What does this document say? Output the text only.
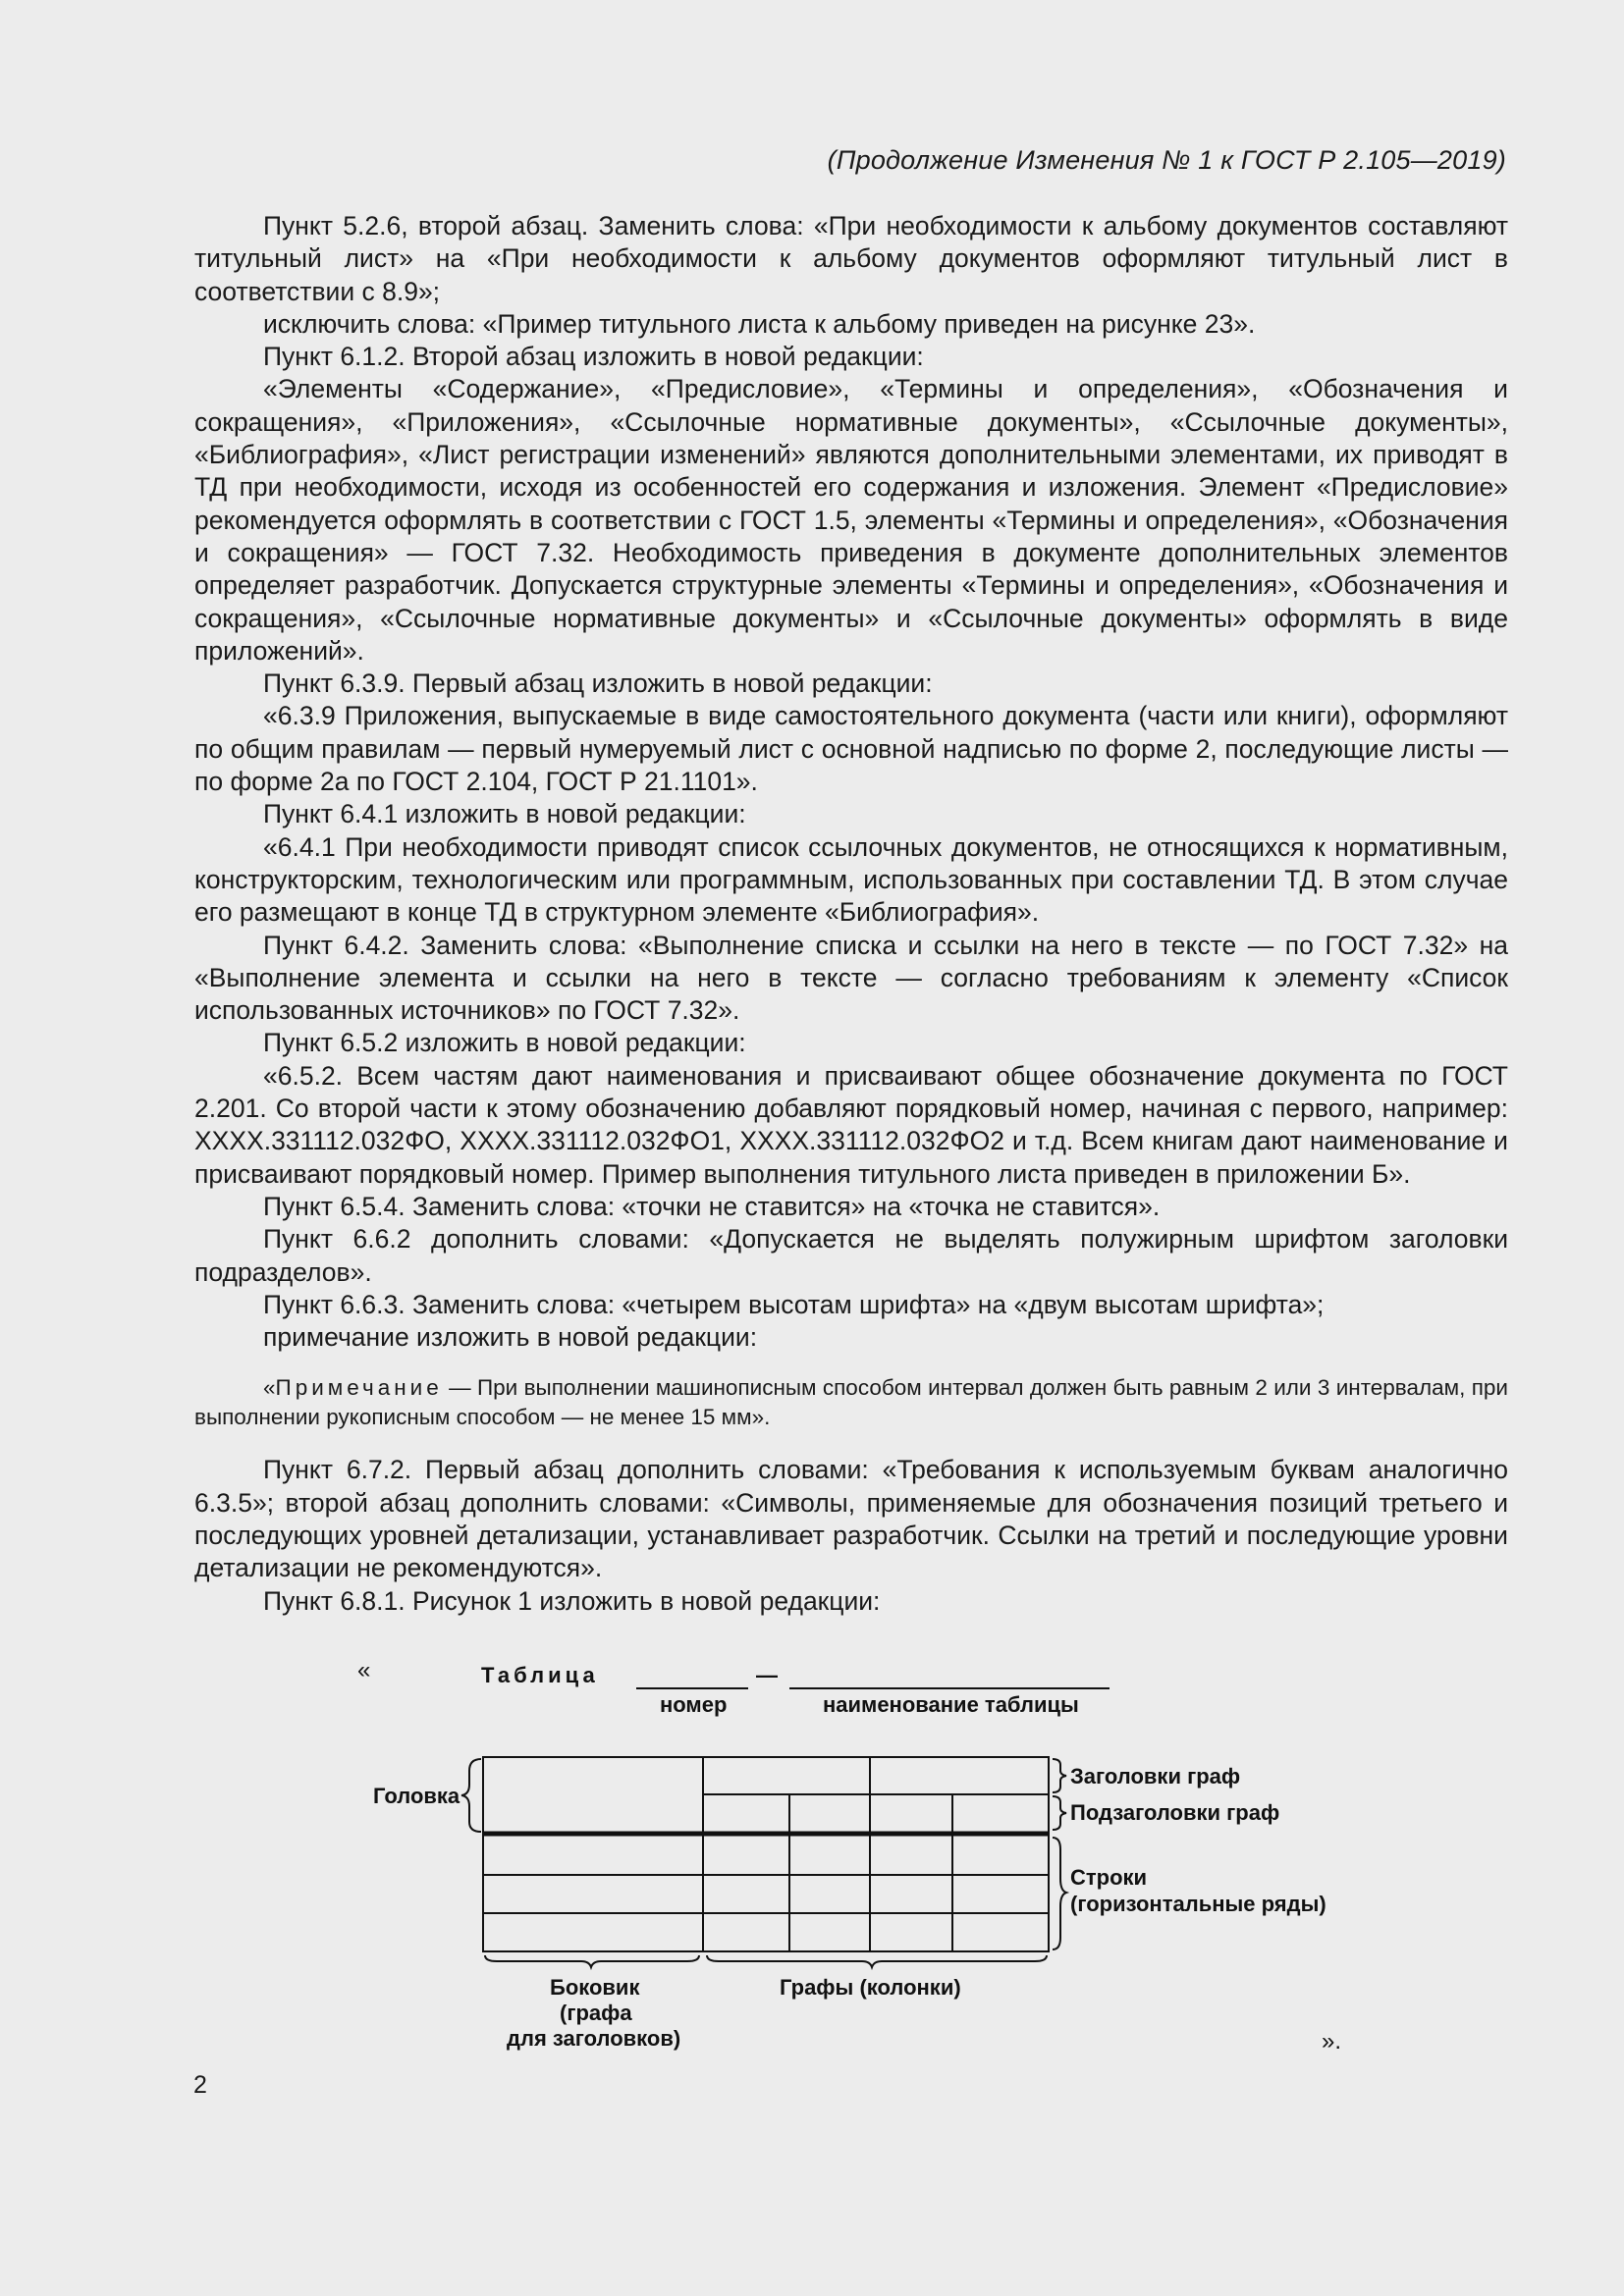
(Продолжение Изменения № 1 к ГОСТ Р 2.105—2019)

Пункт 5.2.6, второй абзац. Заменить слова: «При необходимости к альбому документов составляют титульный лист» на «При необходимости к альбому документов оформляют титульный лист в соответствии с 8.9»;

исключить слова: «Пример титульного листа к альбому приведен на рисунке 23».

Пункт 6.1.2. Второй абзац изложить в новой редакции:

«Элементы «Содержание», «Предисловие», «Термины и определения», «Обозначения и сокращения», «Приложения», «Ссылочные нормативные документы», «Ссылочные документы», «Библиография», «Лист регистрации изменений» являются дополнительными элементами, их приводят в ТД при необходимости, исходя из особенностей его содержания и изложения. Элемент «Предисловие» рекомендуется оформлять в соответствии с ГОСТ 1.5, элементы «Термины и определения», «Обозначения и сокращения» — ГОСТ 7.32. Необходимость приведения в документе дополнительных элементов определяет разработчик. Допускается структурные элементы «Термины и определения», «Обозначения и сокращения», «Ссылочные нормативные документы» и «Ссылочные документы» оформлять в виде приложений».

Пункт 6.3.9. Первый абзац изложить в новой редакции:

«6.3.9 Приложения, выпускаемые в виде самостоятельного документа (части или книги), оформляют по общим правилам — первый нумеруемый лист с основной надписью по форме 2, последующие листы — по форме 2а по ГОСТ 2.104, ГОСТ Р 21.1101».

Пункт 6.4.1 изложить в новой редакции:

«6.4.1 При необходимости приводят список ссылочных документов, не относящихся к нормативным, конструкторским, технологическим или программным, использованных при составлении ТД. В этом случае его размещают в конце ТД в структурном элементе «Библиография».

Пункт 6.4.2. Заменить слова: «Выполнение списка и ссылки на него в тексте — по ГОСТ 7.32» на «Выполнение элемента и ссылки на него в тексте — согласно требованиям к элементу «Список использованных источников» по ГОСТ 7.32».

Пункт 6.5.2 изложить в новой редакции:

«6.5.2. Всем частям дают наименования и присваивают общее обозначение документа по ГОСТ 2.201. Со второй части к этому обозначению добавляют порядковый номер, начиная с первого, например: ХХХХ.331112.032ФО, ХХХХ.331112.032ФО1, ХХХХ.331112.032ФО2 и т.д. Всем книгам дают наименование и присваивают порядковый номер. Пример выполнения титульного листа приведен в приложении Б».

Пункт 6.5.4. Заменить слова: «точки не ставится» на «точка не ставится».

Пункт 6.6.2 дополнить словами: «Допускается не выделять полужирным шрифтом заголовки подразделов».

Пункт 6.6.3. Заменить слова: «четырем высотам шрифта» на «двум высотам шрифта»;

примечание изложить в новой редакции:

«Примечание — При выполнении машинописным способом интервал должен быть равным 2 или 3 интервалам, при выполнении рукописным способом — не менее 15 мм».

Пункт 6.7.2. Первый абзац дополнить словами: «Требования к используемым буквам аналогично 6.3.5»; второй абзац дополнить словами: «Символы, применяемые для обозначения позиций третьего и последующих уровней детализации, устанавливает разработчик. Ссылки на третий и последующие уровни детализации не рекомендуются».

Пункт 6.8.1. Рисунок 1 изложить в новой редакции:

«	Таблица	—
номер	наименование таблицы
Головка
Заголовки граф
Подзаголовки граф
Строки
(горизонтальные ряды)
Боковик
(графа
для заголовков)
Графы (колонки)
».
2
